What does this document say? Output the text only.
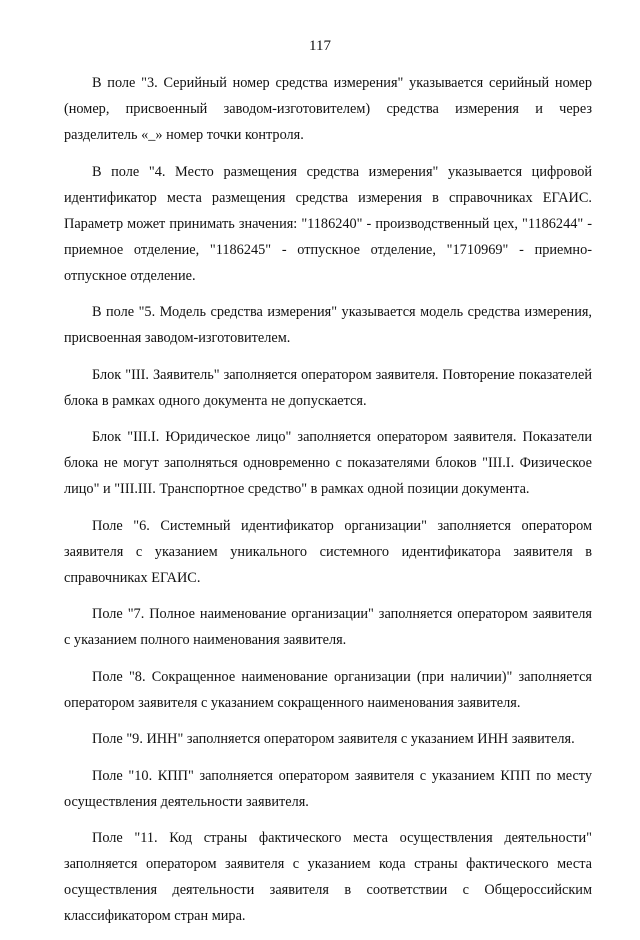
117

В поле "3. Серийный номер средства измерения" указывается серийный номер (номер, присвоенный заводом-изготовителем) средства измерения и через разделитель «_» номер точки контроля.

В поле "4. Место размещения средства измерения" указывается цифровой идентификатор места размещения средства измерения в справочниках ЕГАИС. Параметр может принимать значения: "1186240" - производственный цех, "1186244" - приемное отделение, "1186245" - отпускное отделение, "1710969" - приемно-отпускное отделение.

В поле "5. Модель средства измерения" указывается модель средства измерения, присвоенная заводом-изготовителем.

Блок "III. Заявитель" заполняется оператором заявителя. Повторение показателей блока в рамках одного документа не допускается.

Блок "III.I. Юридическое лицо" заполняется оператором заявителя. Показатели блока не могут заполняться одновременно с показателями блоков "III.I. Физическое лицо" и "III.III. Транспортное средство" в рамках одной позиции документа.

Поле "6. Системный идентификатор организации" заполняется оператором заявителя с указанием уникального системного идентификатора заявителя в справочниках ЕГАИС.

Поле "7. Полное наименование организации" заполняется оператором заявителя с указанием полного наименования заявителя.

Поле "8. Сокращенное наименование организации (при наличии)" заполняется оператором заявителя с указанием сокращенного наименования заявителя.

Поле "9. ИНН" заполняется оператором заявителя с указанием ИНН заявителя.

Поле "10. КПП" заполняется оператором заявителя с указанием КПП по месту осуществления деятельности заявителя.

Поле "11. Код страны фактического места осуществления деятельности" заполняется оператором заявителя с указанием кода страны фактического места осуществления деятельности заявителя в соответствии с Общероссийским классификатором стран мира.
